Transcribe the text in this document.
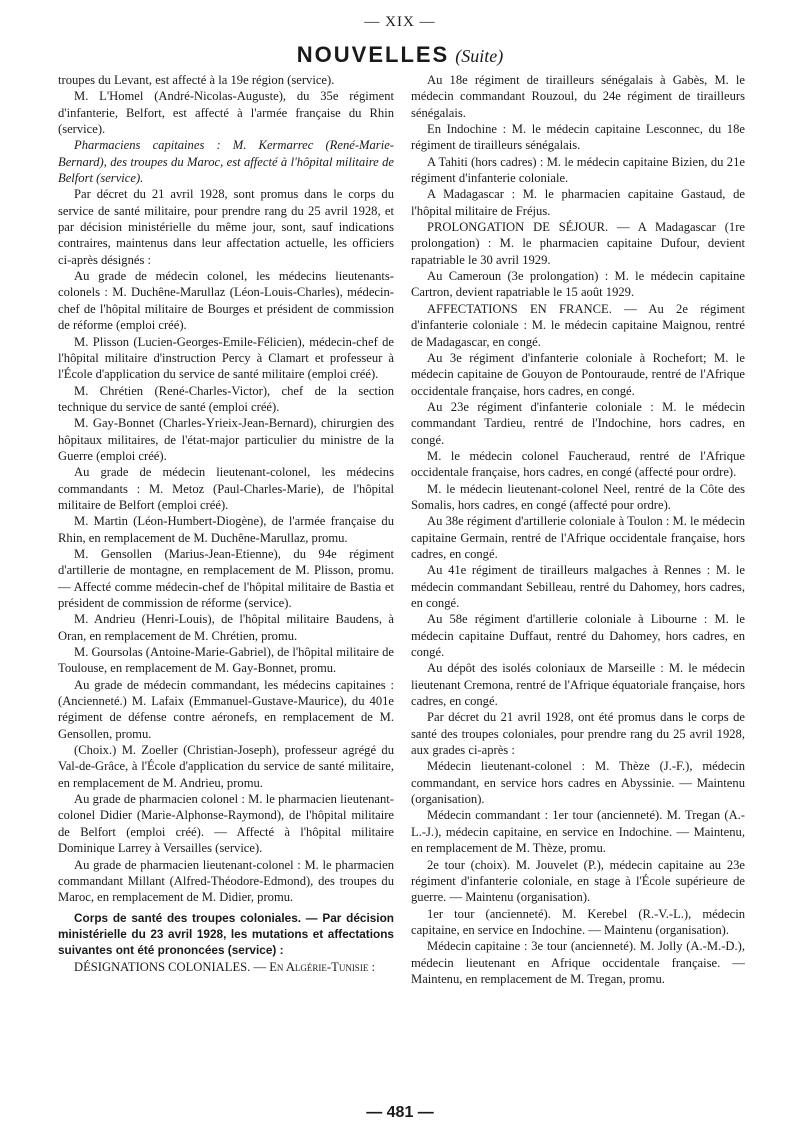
— XIX —
NOUVELLES (Suite)

troupes du Levant, est affecté à la 19e région (service).

M. L'Homel (André-Nicolas-Auguste), du 35e régiment d'infanterie, Belfort, est affecté à l'armée française du Rhin (service).

Pharmaciens capitaines : M. Kermarrec (René-Marie-Bernard), des troupes du Maroc, est affecté à l'hôpital militaire de Belfort (service).

Par décret du 21 avril 1928, sont promus dans le corps du service de santé militaire, pour prendre rang du 25 avril 1928, et par décision ministérielle du même jour, sont, sauf indications contraires, maintenus dans leur affectation actuelle, les officiers ci-après désignés :

Au grade de médecin colonel, les médecins lieutenants-colonels : M. Duchêne-Marullaz (Léon-Louis-Charles), médecin-chef de l'hôpital militaire de Bourges et président de commission de réforme (emploi créé).

M. Plisson (Lucien-Georges-Emile-Félicien), médecin-chef de l'hôpital militaire d'instruction Percy à Clamart et professeur à l'École d'application du service de santé militaire (emploi créé).

M. Chrétien (René-Charles-Victor), chef de la section technique du service de santé (emploi créé).

M. Gay-Bonnet (Charles-Yrieix-Jean-Bernard), chirurgien des hôpitaux militaires, de l'état-major particulier du ministre de la Guerre (emploi créé).

Au grade de médecin lieutenant-colonel, les médecins commandants : M. Metoz (Paul-Charles-Marie), de l'hôpital militaire de Belfort (emploi créé).

M. Martin (Léon-Humbert-Diogène), de l'armée française du Rhin, en remplacement de M. Duchêne-Marullaz, promu.

M. Gensollen (Marius-Jean-Etienne), du 94e régiment d'artillerie de montagne, en remplacement de M. Plisson, promu. — Affecté comme médecin-chef de l'hôpital militaire de Bastia et président de commission de réforme (service).

M. Andrieu (Henri-Louis), de l'hôpital militaire Baudens, à Oran, en remplacement de M. Chrétien, promu.

M. Goursolas (Antoine-Marie-Gabriel), de l'hôpital militaire de Toulouse, en remplacement de M. Gay-Bonnet, promu.

Au grade de médecin commandant, les médecins capitaines : (Ancienneté.) M. Lafaix (Emmanuel-Gustave-Maurice), du 401e régiment de défense contre aéronefs, en remplacement de M. Gensollen, promu.

(Choix.) M. Zoeller (Christian-Joseph), professeur agrégé du Val-de-Grâce, à l'École d'application du service de santé militaire, en remplacement de M. Andrieu, promu.

Au grade de pharmacien colonel : M. le pharmacien lieutenant-colonel Didier (Marie-Alphonse-Raymond), de l'hôpital militaire de Belfort (emploi créé). — Affecté à l'hôpital militaire Dominique Larrey à Versailles (service).

Au grade de pharmacien lieutenant-colonel : M. le pharmacien commandant Millant (Alfred-Théodore-Edmond), des troupes du Maroc, en remplacement de M. Didier, promu.

Corps de santé des troupes coloniales. — Par décision ministérielle du 23 avril 1928, les mutations et affectations suivantes ont été prononcées (service) :

DÉSIGNATIONS COLONIALES. — En Algérie-Tunisie :

Au 18e régiment de tirailleurs sénégalais à Gabès, M. le médecin commandant Rouzoul, du 24e régiment de tirailleurs sénégalais.

En Indochine : M. le médecin capitaine Lesconnec, du 18e régiment de tirailleurs sénégalais.

A Tahiti (hors cadres) : M. le médecin capitaine Bizien, du 21e régiment d'infanterie coloniale.

A Madagascar : M. le pharmacien capitaine Gastaud, de l'hôpital militaire de Fréjus.

PROLONGATION DE SÉJOUR. — A Madagascar (1re prolongation) : M. le pharmacien capitaine Dufour, devient rapatriable le 30 avril 1929.

Au Cameroun (3e prolongation) : M. le médecin capitaine Cartron, devient rapatriable le 15 août 1929.

AFFECTATIONS EN FRANCE. — Au 2e régiment d'infanterie coloniale : M. le médecin capitaine Maignou, rentré de Madagascar, en congé.

Au 3e régiment d'infanterie coloniale à Rochefort; M. le médecin capitaine de Gouyon de Pontouraude, rentré de l'Afrique occidentale française, hors cadres, en congé.

Au 23e régiment d'infanterie coloniale : M. le médecin commandant Tardieu, rentré de l'Indochine, hors cadres, en congé.

M. le médecin colonel Faucheraud, rentré de l'Afrique occidentale française, hors cadres, en congé (affecté pour ordre).

M. le médecin lieutenant-colonel Neel, rentré de la Côte des Somalis, hors cadres, en congé (affecté pour ordre).

Au 38e régiment d'artillerie coloniale à Toulon : M. le médecin capitaine Germain, rentré de l'Afrique occidentale française, hors cadres, en congé.

Au 41e régiment de tirailleurs malgaches à Rennes : M. le médecin commandant Sebilleau, rentré du Dahomey, hors cadres, en congé.

Au 58e régiment d'artillerie coloniale à Libourne : M. le médecin capitaine Duffaut, rentré du Dahomey, hors cadres, en congé.

Au dépôt des isolés coloniaux de Marseille : M. le médecin lieutenant Cremona, rentré de l'Afrique équatoriale française, hors cadres, en congé.

Par décret du 21 avril 1928, ont été promus dans le corps de santé des troupes coloniales, pour prendre rang du 25 avril 1928, aux grades ci-après :

Médecin lieutenant-colonel : M. Thèze (J.-F.), médecin commandant, en service hors cadres en Abyssinie. — Maintenu (organisation).

Médecin commandant : 1er tour (ancienneté). M. Tregan (A.-L.-J.), médecin capitaine, en service en Indochine. — Maintenu, en remplacement de M. Thèze, promu.

2e tour (choix). M. Jouvelet (P.), médecin capitaine au 23e régiment d'infanterie coloniale, en stage à l'École supérieure de guerre. — Maintenu (organisation).

1er tour (ancienneté). M. Kerebel (R.-V.-L.), médecin capitaine, en service en Indochine. — Maintenu (organisation).

Médecin capitaine : 3e tour (ancienneté). M. Jolly (A.-M.-D.), médecin lieutenant en Afrique occidentale française. — Maintenu, en remplacement de M. Tregan, promu.

— 481 —
